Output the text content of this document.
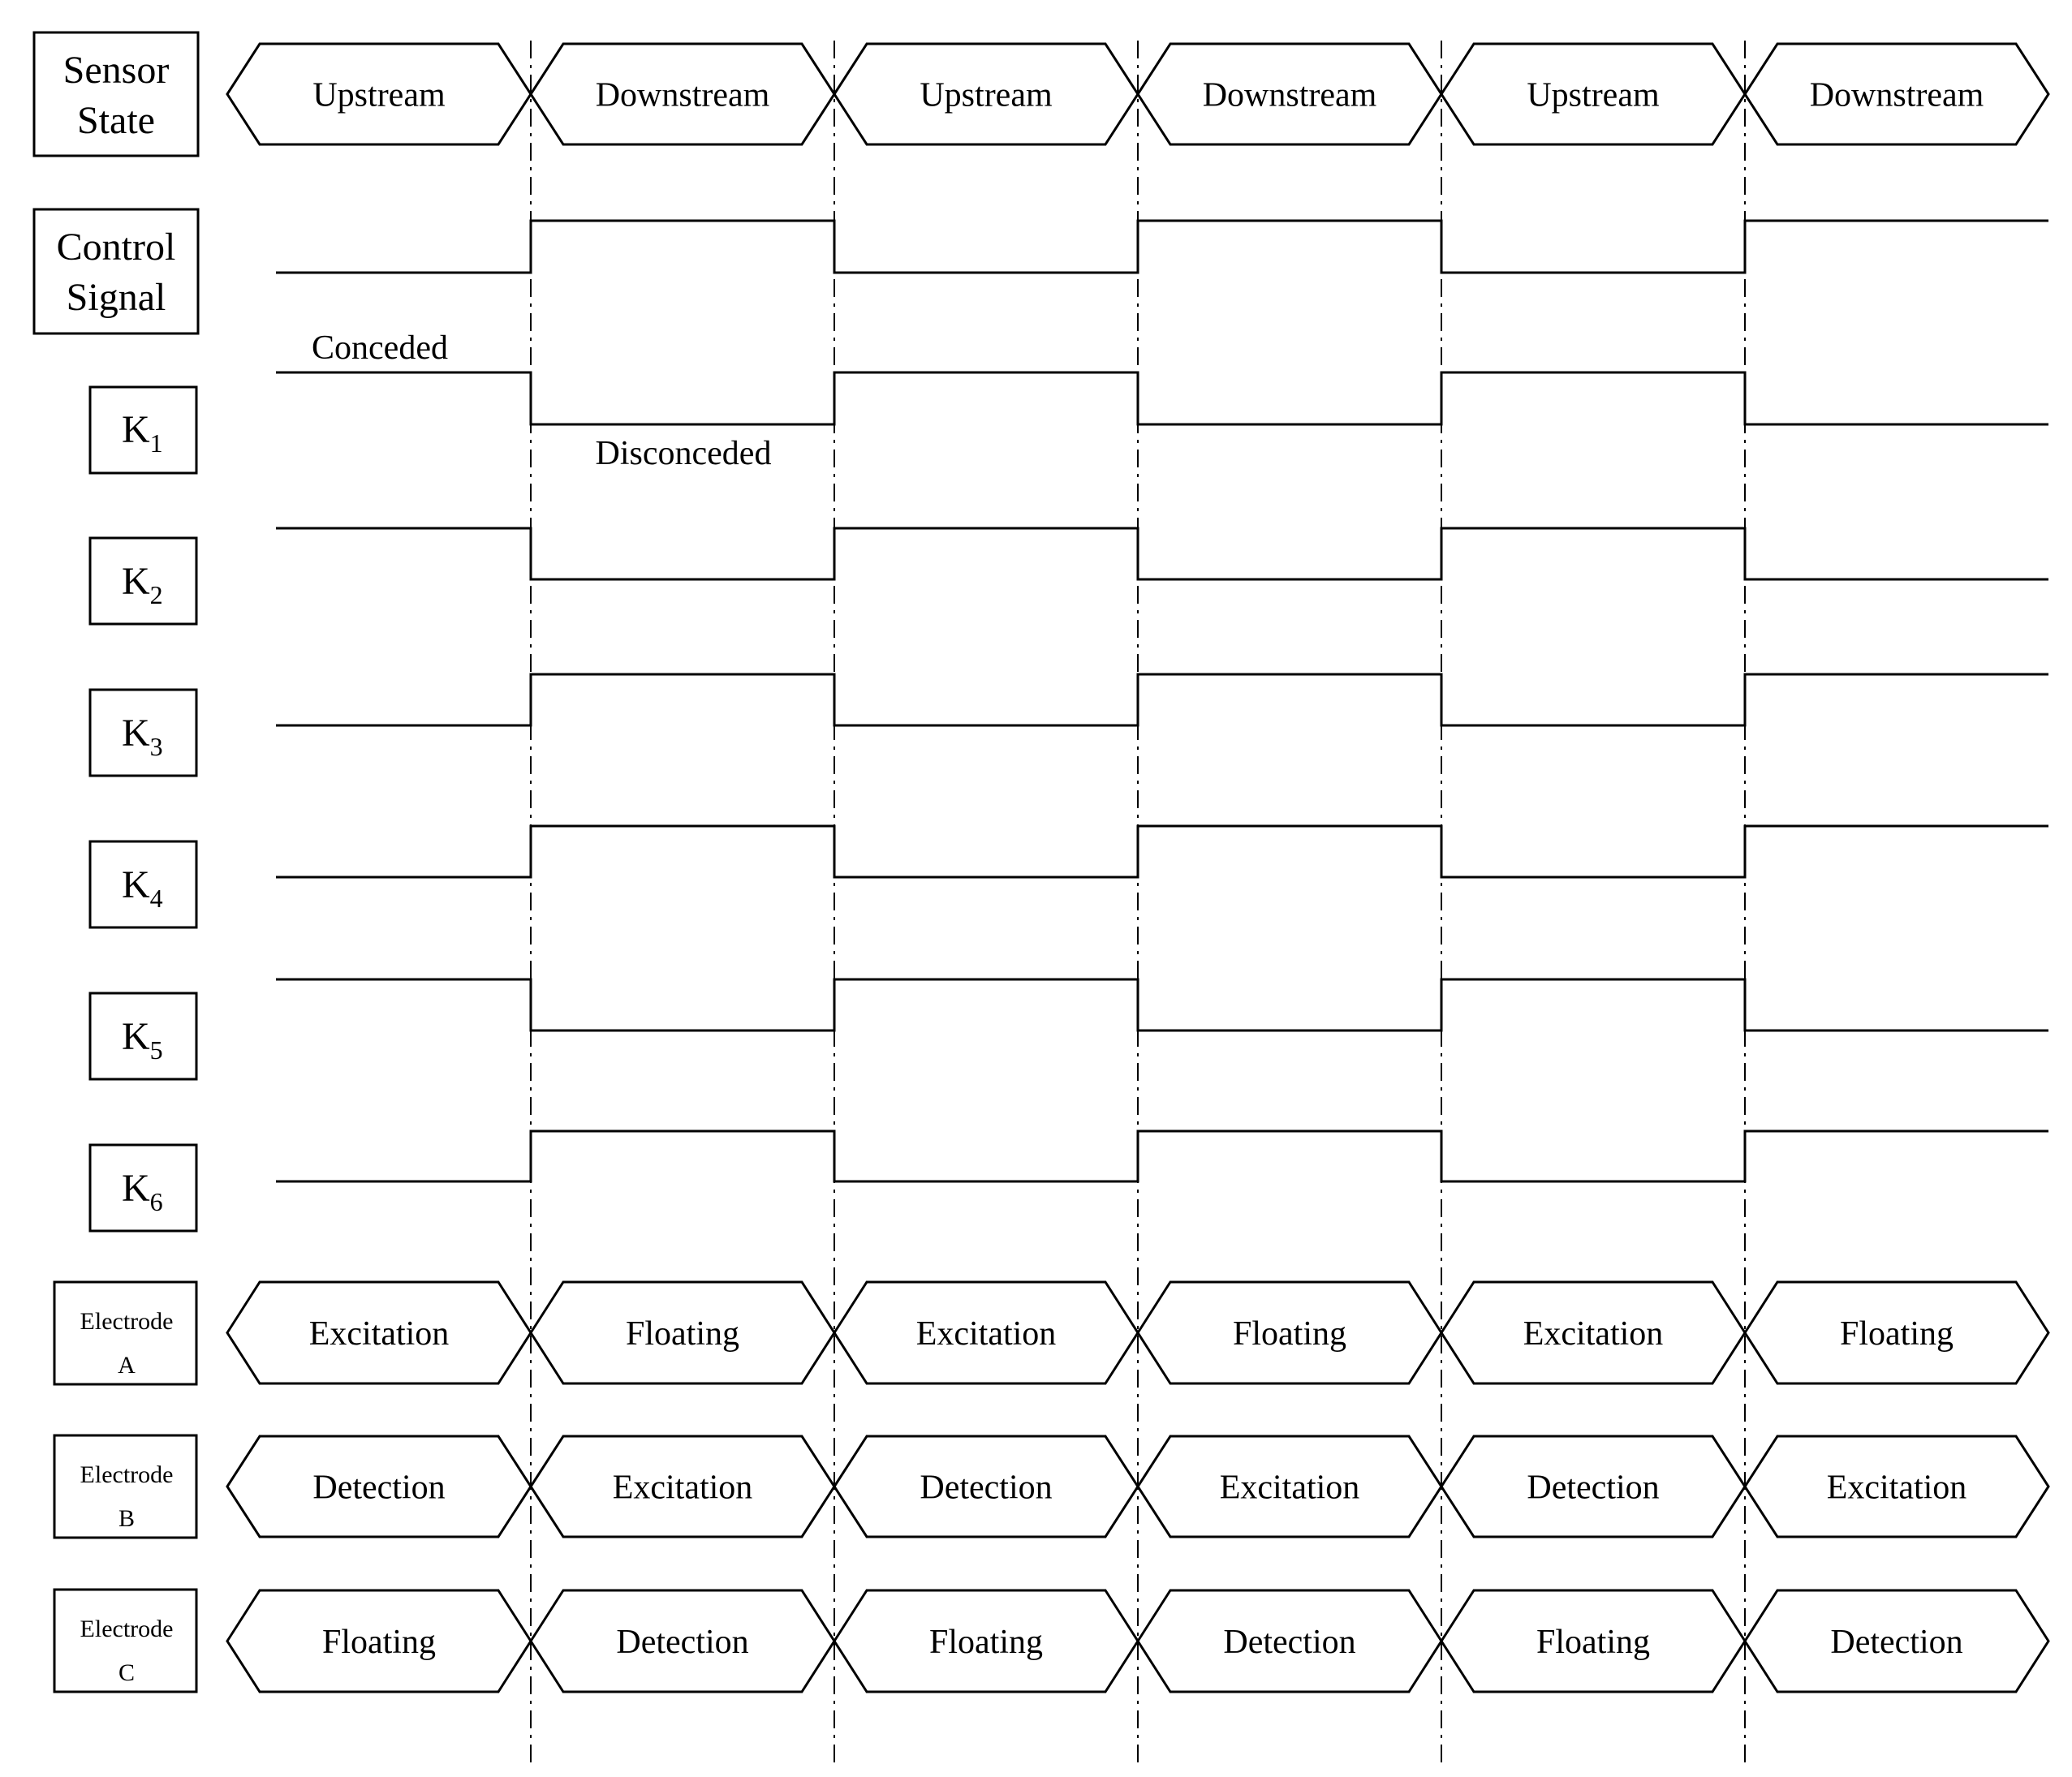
Sensor
State
Control
Signal
$K_1$
$K_2$
$K_3$
$K_4$
$K_5$
$K_6$
Electrode
A
Electrode
B
Electrode
C
Upstream	Downstream	Upstream	Downstream	Upstream	Downstream
Excitation	Floating	Excitation	Floating	Excitation	Floating
Detection	Excitation	Detection	Excitation	Detection	Excitation
Floating	Detection	Floating	Detection	Floating	Detection
Conceded
Disconceded
